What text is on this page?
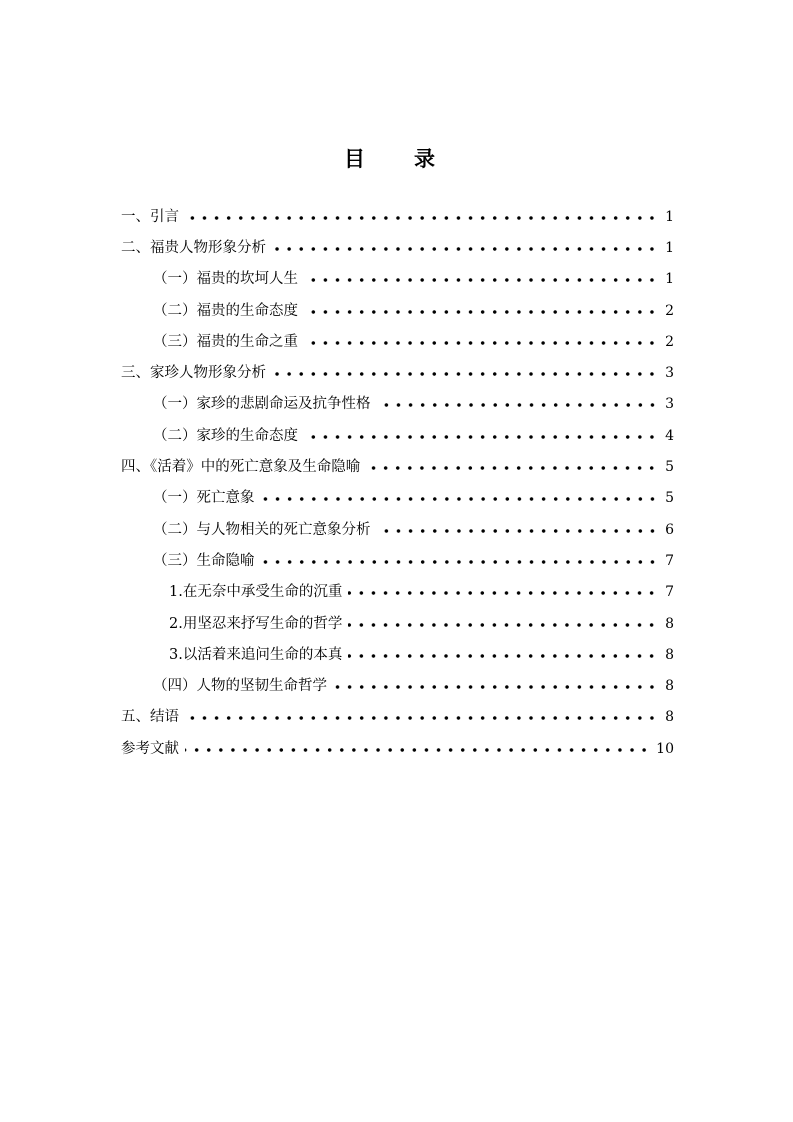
目　录
一、引言	1
二、福贵人物形象分析	1
（一）福贵的坎坷人生	1
（二）福贵的生命态度	2
（三）福贵的生命之重	2
三、家珍人物形象分析	3
（一）家珍的悲剧命运及抗争性格	3
（二）家珍的生命态度	4
四、《活着》中的死亡意象及生命隐喻	5
（一）死亡意象	5
（二）与人物相关的死亡意象分析	6
（三）生命隐喻	7
1.在无奈中承受生命的沉重	7
2.用坚忍来抒写生命的哲学	8
3.以活着来追问生命的本真	8
（四）人物的坚韧生命哲学	8
五、结语	8
参考文献	10
